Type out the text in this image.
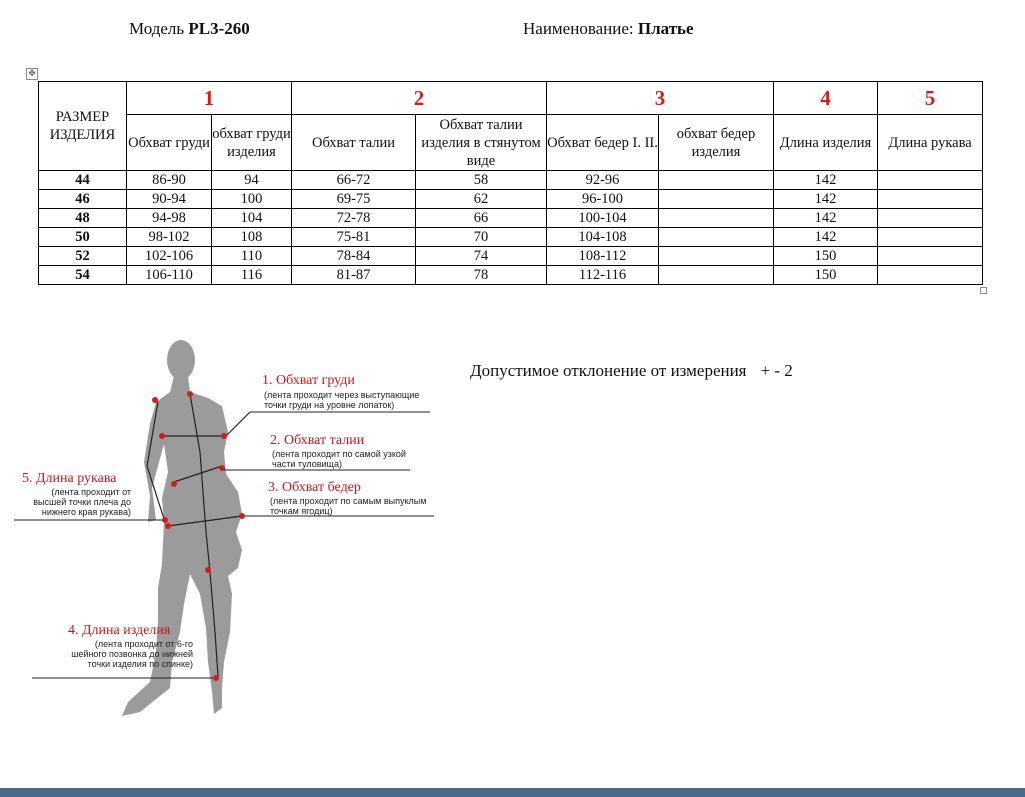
Модель PL3-260	Наименование: Платье
✥
РАЗМЕР ИЗДЕЛИЯ	1		2		3		4	5
	Обхват груди	обхват груди изделия	Обхват талии	Обхват талии изделия в стянутом виде	Обхват бедер I. II.	обхват бедер изделия	Длина изделия	Длина рукава
44	86-90	94	66-72	58	92-96		142	
46	90-94	100	69-75	62	96-100		142	
48	94-98	104	72-78	66	100-104		142	
50	98-102	108	75-81	70	104-108		142	
52	102-106	110	78-84	74	108-112		150	
54	106-110	116	81-87	78	112-116		150	
Допустимое отклонение от измерения + - 2
1. Обхват груди
(лента проходит через выступающие
точки груди на уровне лопаток)
2. Обхват талии
(лента проходит по самой узкой
части туловища)
3. Обхват бедер
(лента проходит по самым выпуклым
точкам ягодиц)
5. Длина рукава
(лента проходит от
высшей точки плеча до
нижнего края рукава)
4. Длина изделия
(лента проходит от 6-го
шейного позвонка до нижней
точки изделия по спинке)
